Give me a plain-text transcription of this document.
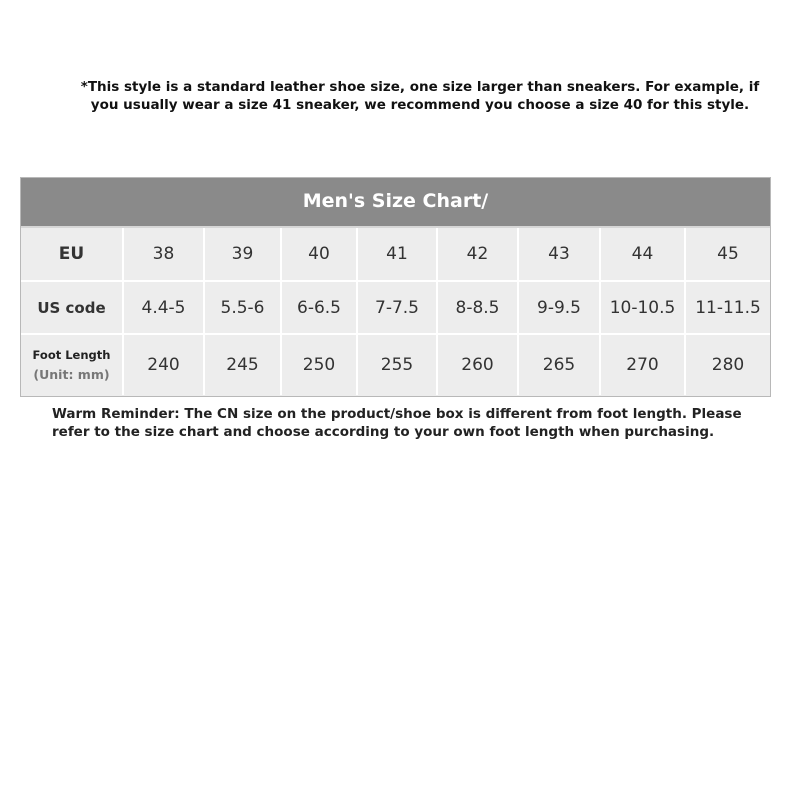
*This style is a standard leather shoe size, one size larger than sneakers. For example, if you usually wear a size 41 sneaker, we recommend you choose a size 40 for this style.
Men's Size Chart/
EU	38	39	40	41	42	43	44	45
US code	4.4-5	5.5-6	6-6.5	7-7.5	8-8.5	9-9.5	10-10.5	11-11.5

Foot Length
(Unit: mm)	240	245	250	255	260	265	270	280
Warm Reminder: The CN size on the product/shoe box is different from foot length. Please refer to the size chart and choose according to your own foot length when purchasing.
